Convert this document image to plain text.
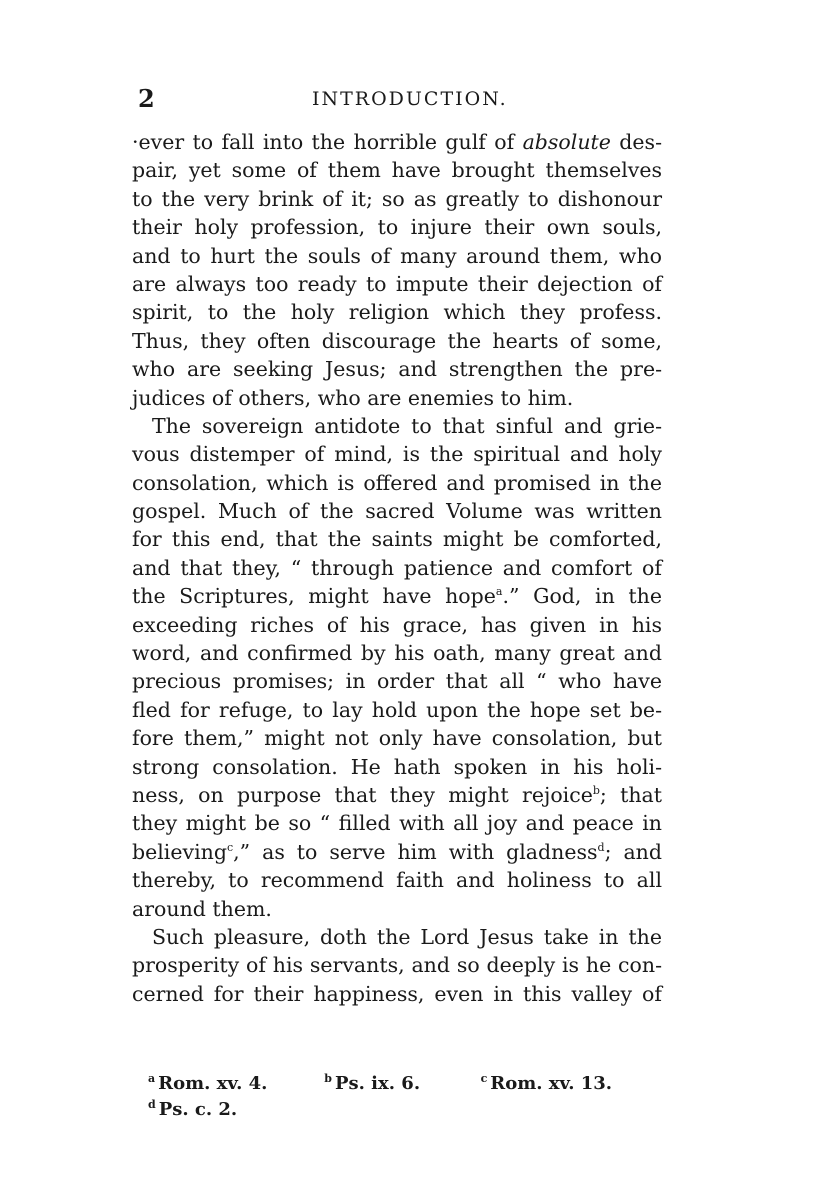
2	INTRODUCTION.
·ever to fall into the horrible gulf of absolute des-
pair, yet some of them have brought themselves
to the very brink of it; so as greatly to dishonour
their holy profession, to injure their own souls,
and to hurt the souls of many around them, who
are always too ready to impute their dejection of
spirit, to the holy religion which they profess.
Thus, they often discourage the hearts of some,
who are seeking Jesus; and strengthen the pre-
judices of others, who are enemies to him.
The sovereign antidote to that sinful and grie-
vous distemper of mind, is the spiritual and holy
consolation, which is offered and promised in the
gospel. Much of the sacred Volume was written
for this end, that the saints might be comforted,
and that they, “ through patience and comfort of
the Scriptures, might have hope$^a$.” God, in the
exceeding riches of his grace, has given in his
word, and confirmed by his oath, many great and
precious promises; in order that all “ who have
fled for refuge, to lay hold upon the hope set be-
fore them,” might not only have consolation, but
strong consolation. He hath spoken in his holi-
ness, on purpose that they might rejoice$^b$; that
they might be so “ filled with all joy and peace in
believing$^c$,” as to serve him with gladness$^d$; and
thereby, to recommend faith and holiness to all
around them.
Such pleasure, doth the Lord Jesus take in the
prosperity of his servants, and so deeply is he con-
cerned for their happiness, even in this valley of
$^a$ Rom. xv. 4.	$^b$ Ps. ix. 6.	$^c$ Rom. xv. 13.
$^d$ Ps. c. 2.
